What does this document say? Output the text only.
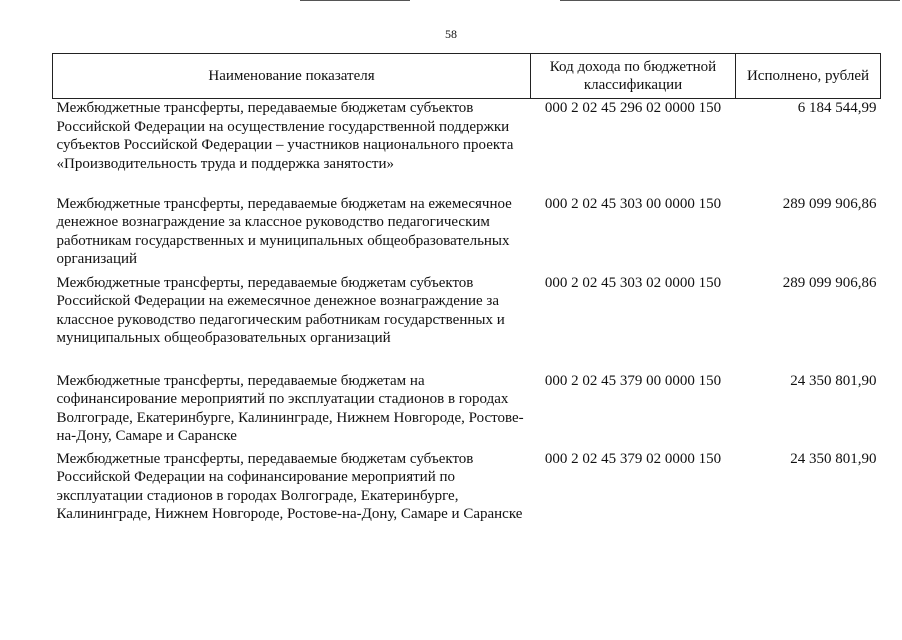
58
Наименование показателя	Код дохода по бюджетной классификации	Исполнено, рублей
Межбюджетные трансферты, передаваемые бюджетам субъектов Российской Федерации на осуществление государственной поддержки субъектов Российской Федерации – участников национального проекта «Производительность труда и поддержка занятости»	000 2 02 45 296 02 0000 150	6 184 544,99
Межбюджетные трансферты, передаваемые бюджетам на ежемесячное денежное вознаграждение за классное руководство педагогическим работникам государственных и муниципальных общеобразовательных организаций	000 2 02 45 303 00 0000 150	289 099 906,86
Межбюджетные трансферты, передаваемые бюджетам субъектов Российской Федерации на ежемесячное денежное вознаграждение за классное руководство педагогическим работникам государственных и муниципальных общеобразовательных организаций	000 2 02 45 303 02 0000 150	289 099 906,86
Межбюджетные трансферты, передаваемые бюджетам на софинансирование мероприятий по эксплуатации стадионов в городах Волгограде, Екатеринбурге, Калининграде, Нижнем Новгороде, Ростове-на-Дону, Самаре и Саранске	000 2 02 45 379 00 0000 150	24 350 801,90
Межбюджетные трансферты, передаваемые бюджетам субъектов Российской Федерации на софинансирование мероприятий по эксплуатации стадионов в городах Волгограде, Екатеринбурге, Калининграде, Нижнем Новгороде, Ростове-на-Дону, Самаре и Саранске	000 2 02 45 379 02 0000 150	24 350 801,90
